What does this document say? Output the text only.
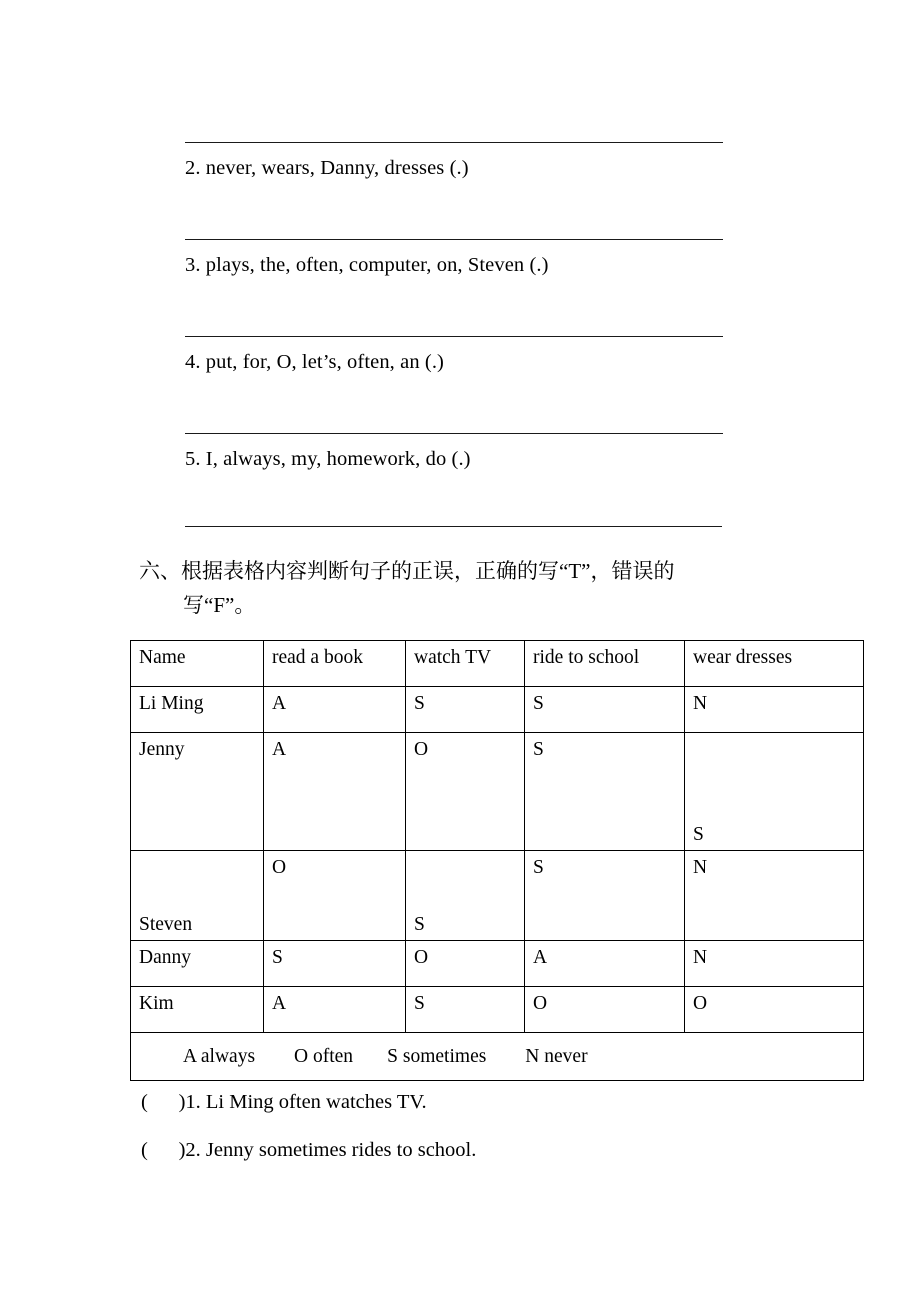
2. never, wears, Danny, dresses (.)
3. plays, the, often, computer, on, Steven (.)
4. put, for, O, let’s, often, an (.)
5. I, always, my, homework, do (.)
六、根据表格内容判断句子的正误，正确的写“T”，错误的
写“F”。
Name	read a book	watch TV	ride to school	wear dresses
Li Ming	A	S	S	N
Jenny	A	O	S	S
Steven	O	S	S	N
Danny	S	O	A	N
Kim	A	S	O	O

A always        O often       S sometimes        N never				
(      )1. Li Ming often watches TV.
(      )2. Jenny sometimes rides to school.
